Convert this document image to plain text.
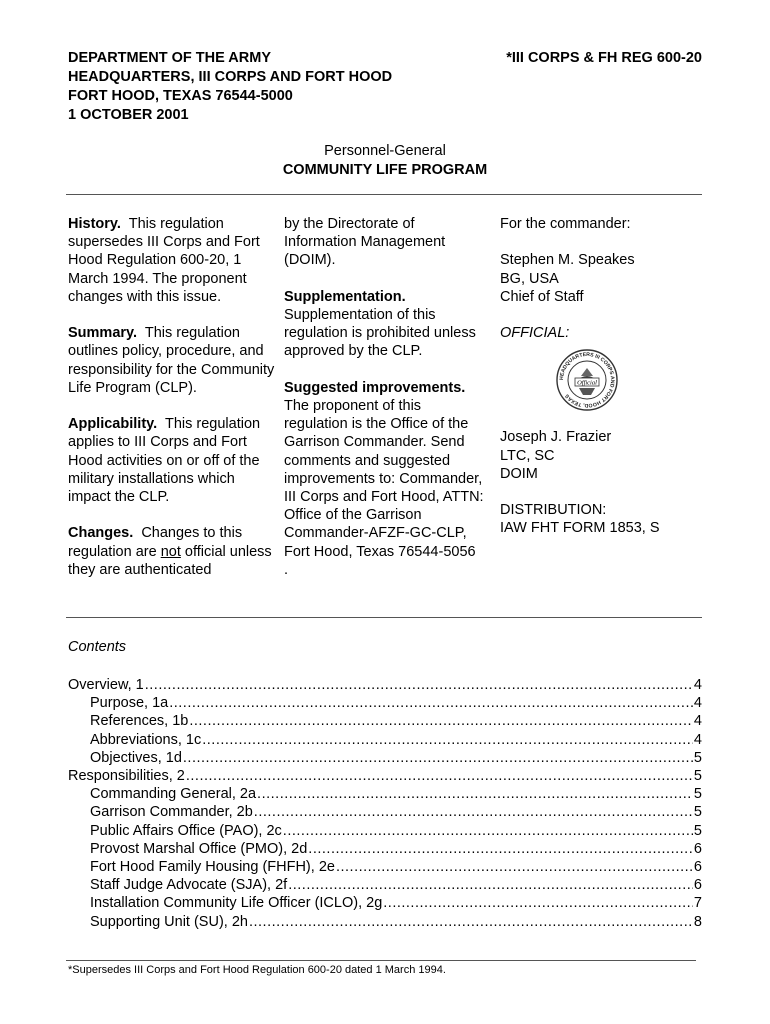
DEPARTMENT OF THE ARMY
HEADQUARTERS, III CORPS AND FORT HOOD
FORT HOOD, TEXAS 76544-5000
1 OCTOBER 2001
*III CORPS & FH REG 600-20
Personnel-General
COMMUNITY LIFE PROGRAM

History. This regulation supersedes III Corps and Fort Hood Regulation 600-20, 1 March 1994. The proponent changes with this issue.

Summary. This regulation outlines policy, procedure, and responsibility for the Community Life Program (CLP).

Applicability. This regulation applies to III Corps and Fort Hood activities on or off of the military installations which impact the CLP.

Changes. Changes to this regulation are not official unless they are authenticated

by the Directorate of Information Management (DOIM).

Supplementation.
Supplementation of this regulation is prohibited unless approved by the CLP.

Suggested improvements.
The proponent of this regulation is the Office of the Garrison Commander. Send comments and suggested improvements to: Commander, III Corps and Fort Hood, ATTN: Office of the Garrison Commander-AFZF-GC-CLP, Fort Hood, Texas 76544-5056

.

For the commander:

Stephen M. Speakes
BG, USA
Chief of Staff

OFFICIAL:

HEADQUARTERS III CORPS AND FORT HOOD, TEXAS
Official

Joseph J. Frazier
LTC, SC
DOIM

DISTRIBUTION:
IAW FHT FORM 1853, S

Contents
Overview, 1 .....	4
Purpose, 1a .....	4
References, 1b .....	4
Abbreviations, 1c .....	4
Objectives, 1d .....	5
Responsibilities, 2 .....	5
Commanding General, 2a .....	5
Garrison Commander, 2b .....	5
Public Affairs Office (PAO), 2c .....	5
Provost Marshal Office (PMO), 2d .....	6
Fort Hood Family Housing (FHFH), 2e .....	6
Staff Judge Advocate (SJA), 2f .....	6
Installation Community Life Officer (ICLO), 2g .....	7
Supporting Unit (SU), 2h .....	8
*Supersedes III Corps and Fort Hood Regulation 600-20 dated 1 March 1994.
